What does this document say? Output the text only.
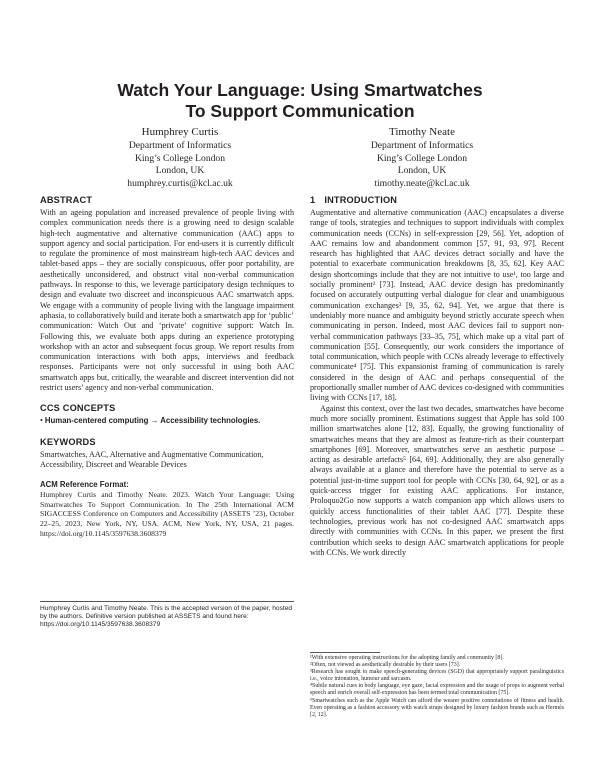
Watch Your Language: Using Smartwatches
To Support Communication
Humphrey Curtis
Department of Informatics
King’s College London
London, UK
humphrey.curtis@kcl.ac.uk
Timothy Neate
Department of Informatics
King’s College London
London, UK
timothy.neate@kcl.ac.uk
ABSTRACT

With an ageing population and increased prevalence of people living with complex communication needs there is a growing need to design scalable high-tech augmentative and alternative communication (AAC) apps to support agency and social participation. For end-users it is currently difficult to regulate the prominence of most mainstream high-tech AAC devices and tablet-based apps – they are socially conspicuous, offer poor portability, are aesthetically unconsidered, and obstruct vital non-verbal communication pathways. In response to this, we leverage participatory design techniques to design and evaluate two discreet and inconspicuous AAC smartwatch apps. We engage with a community of people living with the language impairment aphasia, to collaboratively build and iterate both a smartwatch app for ‘public’ communication: Watch Out and ‘private’ cognitive support: Watch In. Following this, we evaluate both apps during an experience prototyping workshop with an actor and subsequent focus group. We report results from communication interactions with both apps, interviews and feedback responses. Participants were not only successful in using both AAC smartwatch apps but, critically, the wearable and discreet intervention did not restrict users’ agency and non-verbal communication.

CCS CONCEPTS
• Human-centered computing → Accessibility technologies.
KEYWORDS

Smartwatches, AAC, Alternative and Augmentative Communication, Accessibility, Discreet and Wearable Devices

ACM Reference Format:

Humphrey Curtis and Timothy Neate. 2023. Watch Your Language: Using Smartwatches To Support Communication. In The 25th International ACM SIGACCESS Conference on Computers and Accessibility (ASSETS ’23), October 22–25, 2023, New York, NY, USA. ACM, New York, NY, USA, 21 pages. https://doi.org/10.1145/3597638.3608379

Humphrey Curtis and Timothy Neate. This is the accepted version of the paper, hosted by the authors. Definitive version published at ASSETS and found here: https://doi.org/10.1145/3597638.3608379
1 INTRODUCTION

Augmentative and alternative communication (AAC) encapsulates a diverse range of tools, strategies and techniques to support individuals with complex communication needs (CCNs) in self-expression [29, 56]. Yet, adoption of AAC remains low and abandonment common [57, 91, 93, 97]. Recent research has highlighted that AAC devices detract socially and have the potential to exacerbate communication breakdowns [8, 35, 62]. Key AAC design shortcomings include that they are not intuitive to use¹, too large and socially prominent² [73]. Instead, AAC device design has predominantly focused on accurately outputting verbal dialogue for clear and unambiguous communication exchanges³ [9, 35, 62, 94]. Yet, we argue that there is undeniably more nuance and ambiguity beyond strictly accurate speech when communicating in person. Indeed, most AAC devices fail to support non-verbal communication pathways [33–35, 75], which make up a vital part of communication [55]. Consequently, our work considers the importance of total communication, which people with CCNs already leverage to effectively communicate⁴ [75]. This expansionist framing of communication is rarely considered in the design of AAC and perhaps consequential of the proportionally smaller number of AAC devices co-designed with communities living with CCNs [17, 18].

Against this context, over the last two decades, smartwatches have become much more socially prominent. Estimations suggest that Apple has sold 100 million smartwatches alone [12, 83]. Equally, the growing functionality of smartwatches means that they are almost as feature-rich as their counterpart smartphones [69]. Moreover, smartwatches serve an aesthetic purpose – acting as desirable artefacts⁵ [64, 69]. Additionally, they are also generally always available at a glance and therefore have the potential to serve as a potential just-in-time support tool for people with CCNs [30, 64, 92], or as a quick-access trigger for existing AAC applications. For instance, Proloquo2Go now supports a watch companion app which allows users to quickly access functionalities of their tablet AAC [77]. Despite these technologies, previous work has not co-designed AAC smartwatch apps directly with communities with CCNs. In this paper, we present the first contribution which seeks to design AAC smartwatch applications for people with CCNs. We work directly

¹With extensive operating instructions for the adopting family and community [8].
²Often, not viewed as aesthetically desirable by their users [73].
³Research has sought to make speech-generating devices (SGD) that appropriately support paralinguistics i.e., voice intonation, humour and sarcasm.
⁴Subtle natural cues in body language, eye gaze, facial expression and the usage of props to augment verbal speech and enrich overall self-expression has been termed total communication [75].
⁵Smartwatches such as the Apple Watch can afford the wearer positive connotations of fitness and health. Even operating as a fashion accessory with watch straps designed by luxury fashion brands such as Hermès [2, 12].
